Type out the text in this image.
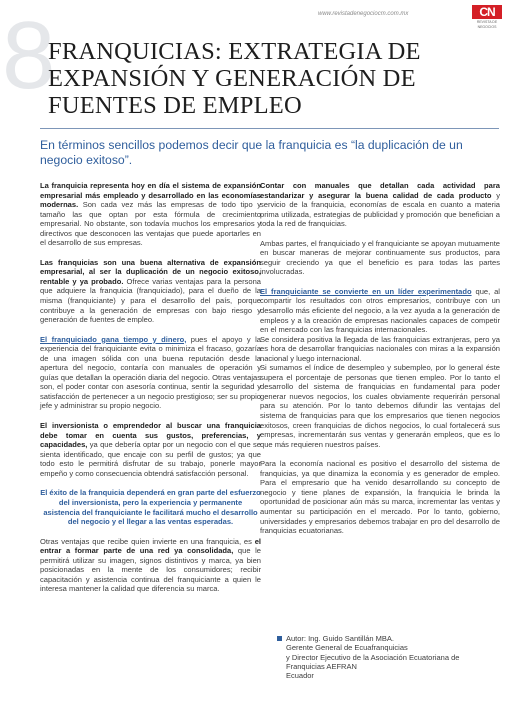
8	www.revistadenegociocm.com.mx	CN
REVISTA DE NEGOCIOS
FRANQUICIAS: EXTRATEGIA DE EXPANSIÓN Y GENERACIÓN DE FUENTES DE EMPLEO

En términos sencillos podemos decir que la franquicia es “la duplicación de un negocio exitoso”.

La franquicia representa hoy en día el sistema de expansión empresarial más empleado y desarrollado en las economías modernas. Son cada vez más las empresas de todo tipo y tamaño las que optan por esta fórmula de crecimiento empresarial. No obstante, son todavía muchos los empresarios y directivos que desconocen las ventajas que puede aportarles en el desarrollo de sus empresas.

Las franquicias son una buena alternativa de expansión empresarial, al ser la duplicación de un negocio exitoso, rentable y ya probado. Ofrece varias ventajas para la persona que adquiere la franquicia (franquiciado), para el dueño de la misma (franquiciante) y para el desarrollo del país, porque contribuye a la generación de empresas con bajo riesgo y generación de fuentes de empleo.

El franquiciado gana tiempo y dinero, pues el apoyo y la experiencia del franquiciante evita o minimiza el fracaso, gozaría de una imagen sólida con una buena reputación desde la apertura del negocio, contaría con manuales de operación y guías que detallan la operación diaria del negocio. Otras ventajas son, el poder contar con asesoría continua, sentir la seguridad y satisfacción de pertenecer a un negocio prestigioso; ser su propio jefe y administrar su propio negocio.

El inversionista o emprendedor al buscar una franquicia debe tomar en cuenta sus gustos, preferencias, y capacidades, ya que debería optar por un negocio con el que se sienta identificado, que encaje con su perfil de gustos; ya que todo esto le permitirá disfrutar de su trabajo, ponerle mayor empeño y como consecuencia obtendrá satisfacción personal.

El éxito de la franquicia dependerá en gran parte del esfuerzo del inversionista, pero la experiencia y permanente asistencia del franquiciante le facilitará mucho el desarrollo del negocio y el llegar a las ventas esperadas.

Otras ventajas que recibe quien invierte en una franquicia, es el entrar a formar parte de una red ya consolidada, que le permitirá utilizar su imagen, signos distintivos y marca, ya bien posicionadas en la mente de los consumidores; recibir capacitación y asistencia continua del franquiciante a quien le interesa mantener la calidad que diferencia su marca.

Contar con manuales que detallan cada actividad para estandarizar y asegurar la buena calidad de cada producto y servicio de la franquicia, economías de escala en cuanto a materia prima utilizada, estrategias de publicidad y promoción que benefician a toda la red de franquicias.

Ambas partes, el franquiciado y el franquiciante se apoyan mutuamente en buscar maneras de mejorar continuamente sus productos, para seguir creciendo ya que el beneficio es para todas las partes involucradas.

El franquiciante se convierte en un líder experimentado que, al compartir los resultados con otros empresarios, contribuye con un desarrollo más eficiente del negocio, a la vez ayuda a la generación de empleos y a la creación de empresas nacionales capaces de competir en el mercado con las franquicias internacionales.
Se considera positiva la llegada de las franquicias extranjeras, pero ya es hora de desarrollar franquicias nacionales con miras a la expansión nacional y luego internacional.
Si sumamos el índice de desempleo y subempleo, por lo general éste supera el porcentaje de personas que tienen empleo. Por lo tanto el desarrollo del sistema de franquicias en fundamental para poder generar nuevos negocios, los cuales obviamente requerirán personal para su atención. Por lo tanto debemos difundir las ventajas del sistema de franquicias para que los empresarios que tienen negocios exitosos, creen franquicias de dichos negocios, lo cual fortalecerá sus empresas, incrementarán sus ventas y generarán empleos, que es lo que más requieren nuestros países.

Para la economía nacional es positivo el desarrollo del sistema de franquicias, ya que dinamiza la economía y es generador de empleo. Para el empresario que ha venido desarrollando su concepto de negocio y tiene planes de expansión, la franquicia le brinda la oportunidad de posicionar aún más su marca, incrementar las ventas y aumentar su participación en el mercado. Por lo tanto, gobierno, universidades y empresarios debemos trabajar en pro del desarrollo de franquicias ecuatorianas.

Autor: Ing. Guido Santillán MBA.
Gerente General de Ecuafranquicias
y Director Ejecutivo de la Asociación Ecuatoriana de
Franquicias AEFRAN
Ecuador
